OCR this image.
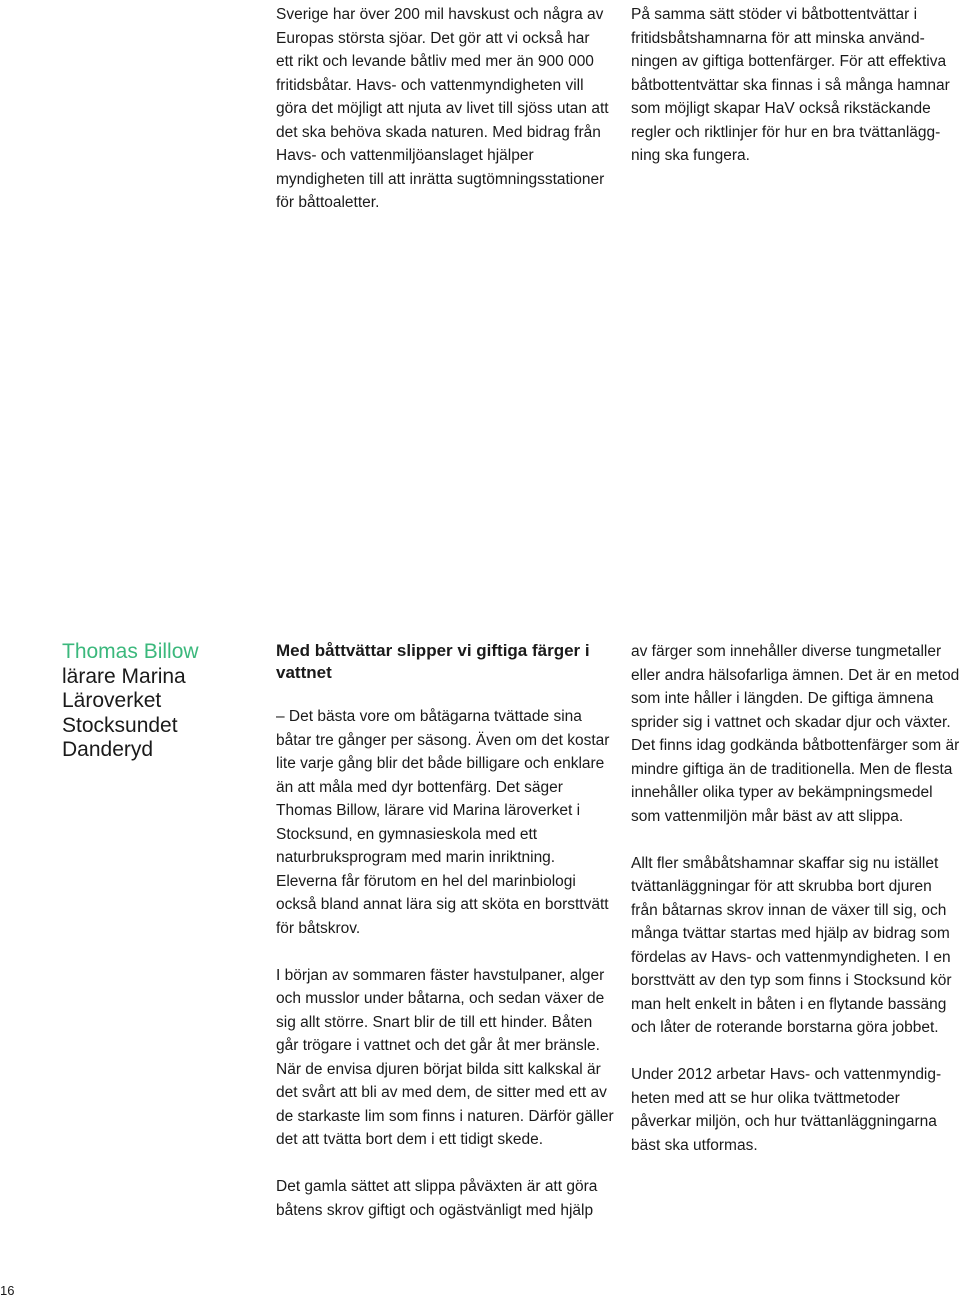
Sverige har över 200 mil havskust och några av Europas största sjöar. Det gör att vi också har ett rikt och levande båtliv med mer än 900 000 fritidsbåtar. Havs- och vattenmyndigheten vill göra det möjligt att njuta av livet till sjöss utan att det ska behöva skada naturen. Med bidrag från Havs- och vattenmiljöanslaget hjälper myndigheten till att inrätta sugtömningsstationer för båttoaletter.

På samma sätt stöder vi båtbottentvättar i fritidsbåtshamnarna för att minska användningen av giftiga bottenfärger. För att effektiva båtbottentvättar ska finnas i så många hamnar som möjligt skapar HaV också rikstäckande regler och riktlinjer för hur en bra tvättanläggning ska fungera.

Thomas Billow
lärare Marina
Läroverket
Stocksundet
Danderyd
Med båttvättar slipper vi giftiga färger i vattnet

– Det bästa vore om båtägarna tvättade sina båtar tre gånger per säsong. Även om det kostar lite varje gång blir det både billigare och enklare än att måla med dyr bottenfärg. Det säger Thomas Billow, lärare vid Marina läroverket i Stocksund, en gymnasieskola med ett naturbruksprogram med marin inriktning. Eleverna får förutom en hel del marinbiologi också bland annat lära sig att sköta en borsttvätt för båtskrov.

I början av sommaren fäster havstulpaner, alger och musslor under båtarna, och sedan växer de sig allt större. Snart blir de till ett hinder. Båten går trögare i vattnet och det går åt mer bränsle. När de envisa djuren börjat bilda sitt kalkskal är det svårt att bli av med dem, de sitter med ett av de starkaste lim som finns i naturen. Därför gäller det att tvätta bort dem i ett tidigt skede.

Det gamla sättet att slippa påväxten är att göra båtens skrov giftigt och ogästvänligt med hjälp

av färger som innehåller diverse tungmetaller eller andra hälsofarliga ämnen. Det är en metod som inte håller i längden. De giftiga ämnena sprider sig i vattnet och skadar djur och växter. Det finns idag godkända båtbottenfärger som är mindre giftiga än de traditionella. Men de flesta innehåller olika typer av bekämpningsmedel som vattenmiljön mår bäst av att slippa.

Allt fler småbåtshamnar skaffar sig nu istället tvättanläggningar för att skrubba bort djuren från båtarnas skrov innan de växer till sig, och många tvättar startas med hjälp av bidrag som fördelas av Havs- och vattenmyndigheten. I en borsttvätt av den typ som finns i Stocksund kör man helt enkelt in båten i en flytande bassäng och låter de roterande borstarna göra jobbet.

Under 2012 arbetar Havs- och vattenmyndigheten med att se hur olika tvättmetoder påverkar miljön, och hur tvättanläggningarna bäst ska utformas.

16
